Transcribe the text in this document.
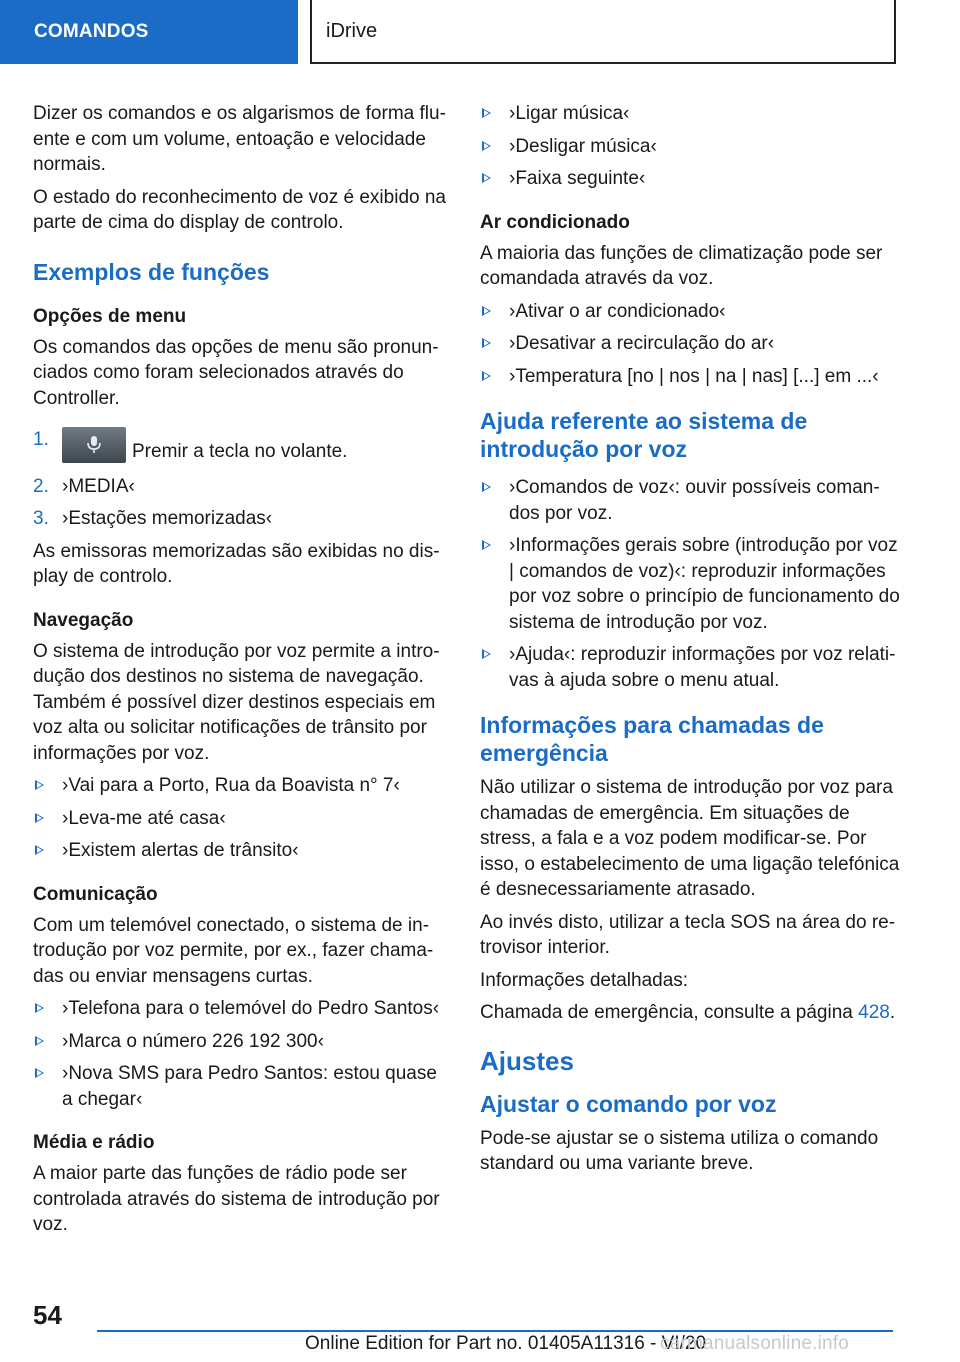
COMANDOS	iDrive

Dizer os comandos e os algarismos de forma fluente e com um volume, entoação e velocidade normais.

O estado do reconhecimento de voz é exibido na parte de cima do display de controlo.

Exemplos de funções
Opções de menu

Os comandos das opções de menu são pronunciados como foram selecionados através do Controller.

1.
Premir a tecla no volante.
2. ›MEDIA‹
3. ›Estações memorizadas‹

As emissoras memorizadas são exibidas no display de controlo.

Navegação

O sistema de introdução por voz permite a introdução dos destinos no sistema de navegação. Também é possível dizer destinos especiais em voz alta ou solicitar notificações de trânsito por informações por voz.

›Vai para a Porto, Rua da Boavista n° 7‹
›Leva-me até casa‹
›Existem alertas de trânsito‹
Comunicação

Com um telemóvel conectado, o sistema de introdução por voz permite, por ex., fazer chamadas ou enviar mensagens curtas.

›Telefona para o telemóvel do Pedro Santos‹
›Marca o número 226 192 300‹
›Nova SMS para Pedro Santos: estou quase a chegar‹
Média e rádio

A maior parte das funções de rádio pode ser controlada através do sistema de introdução por voz.

›Ligar música‹
›Desligar música‹
›Faixa seguinte‹
Ar condicionado

A maioria das funções de climatização pode ser comandada através da voz.

›Ativar o ar condicionado‹
›Desativar a recirculação do ar‹
›Temperatura [no | nos | na | nas] [...] em ...‹
Ajuda referente ao sistema de introdução por voz
›Comandos de voz‹: ouvir possíveis comandos por voz.
›Informações gerais sobre (introdução por voz | comandos de voz)‹: reproduzir informações por voz sobre o princípio de funcionamento do sistema de introdução por voz.
›Ajuda‹: reproduzir informações por voz relativas à ajuda sobre o menu atual.
Informações para chamadas de emergência

Não utilizar o sistema de introdução por voz para chamadas de emergência. Em situações de stress, a fala e a voz podem modificar-se. Por isso, o estabelecimento de uma ligação telefónica é desnecessariamente atrasado.

Ao invés disto, utilizar a tecla SOS na área do retrovisor interior.

Informações detalhadas:

Chamada de emergência, consulte a página 428.

Ajustes
Ajustar o comando por voz

Pode-se ajustar se o sistema utiliza o comando standard ou uma variante breve.

54
Online Edition for Part no. 01405A11316 - VI/20
carmanualsonline.info
